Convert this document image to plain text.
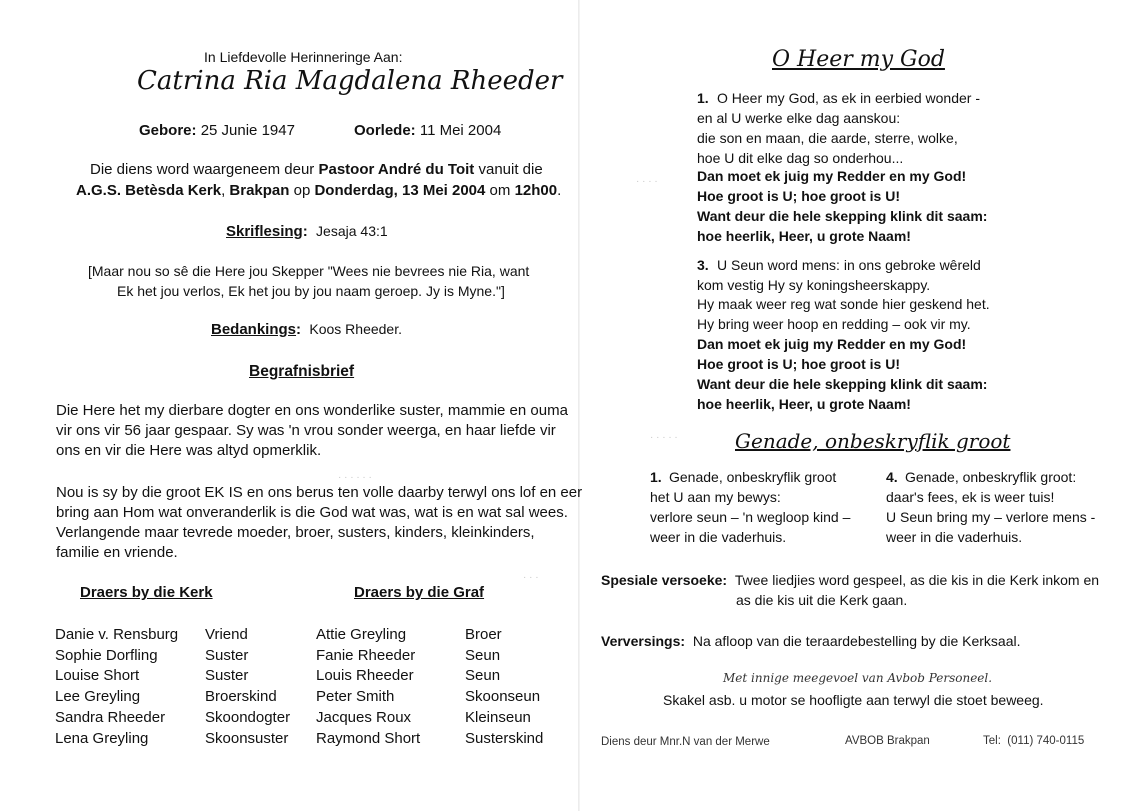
· · · · · ·
· · ·
· · · ·
· · · · ·
In Liefdevolle Herinneringe Aan:
Catrina Ria Magdalena Rheeder
Gebore: 25 Junie 1947	Oorlede: 11 Mei 2004
Die diens word waargeneem deur Pastoor André du Toit vanuit die
A.G.S. Betèsda Kerk, Brakpan op Donderdag, 13 Mei 2004 om 12h00.
Skriflesing: Jesaja 43:1
[Maar nou so sê die Here jou Skepper "Wees nie bevrees nie Ria, want
Ek het jou verlos, Ek het jou by jou naam geroep. Jy is Myne."]
Bedankings: Koos Rheeder.
Begrafnisbrief
Die Here het my dierbare dogter en ons wonderlike suster, mammie en ouma
vir ons vir 56 jaar gespaar. Sy was 'n vrou sonder weerga, en haar liefde vir
ons en vir die Here was altyd opmerklik.
Nou is sy by die groot EK IS en ons berus ten volle daarby terwyl ons lof en eer
bring aan Hom wat onveranderlik is die God wat was, wat is en wat sal wees.
Verlangende maar tevrede moeder, broer, susters, kinders, kleinkinders,
familie en vriende.
Draers by die Kerk	Draers by die Graf
Danie v. Rensburg Vriend
Sophie Dorfling	Suster
Louise Short	Suster
Lee Greyling	Broerskind
Sandra Rheeder	Skoondogter
Lena Greyling	Skoonsuster
Attie Greyling	Broer
Fanie Rheeder	Seun
Louis Rheeder	Seun
Peter Smith	Skoonseun
Jacques Roux	Kleinseun
Raymond Short	Susterskind
O Heer my God
1. O Heer my God, as ek in eerbied wonder -
en al U werke elke dag aanskou:
die son en maan, die aarde, sterre, wolke,
hoe U dit elke dag so onderhou...
Dan moet ek juig my Redder en my God!
Hoe groot is U; hoe groot is U!
Want deur die hele skepping klink dit saam:
hoe heerlik, Heer, u grote Naam!
3. U Seun word mens: in ons gebroke wêreld
kom vestig Hy sy koningsheerskappy.
Hy maak weer reg wat sonde hier geskend het.
Hy bring weer hoop en redding – ook vir my.
Dan moet ek juig my Redder en my God!
Hoe groot is U; hoe groot is U!
Want deur die hele skepping klink dit saam:
hoe heerlik, Heer, u grote Naam!
Genade, onbeskryflik groot
1. Genade, onbeskryflik groot
het U aan my bewys:
verlore seun – 'n wegloop kind –
weer in die vaderhuis.
4. Genade, onbeskryflik groot:
daar's fees, ek is weer tuis!
U Seun bring my – verlore mens -
weer in die vaderhuis.
Spesiale versoeke: Twee liedjies word gespeel, as die kis in die Kerk inkom en
as die kis uit die Kerk gaan.
Verversings: Na afloop van die teraardebestelling by die Kerksaal.
Met innige meegevoel van Avbob Personeel.
Skakel asb. u motor se hoofligte aan terwyl die stoet beweeg.
Diens deur Mnr.N van der Merwe	AVBOB Brakpan	Tel: (011) 740-0115
